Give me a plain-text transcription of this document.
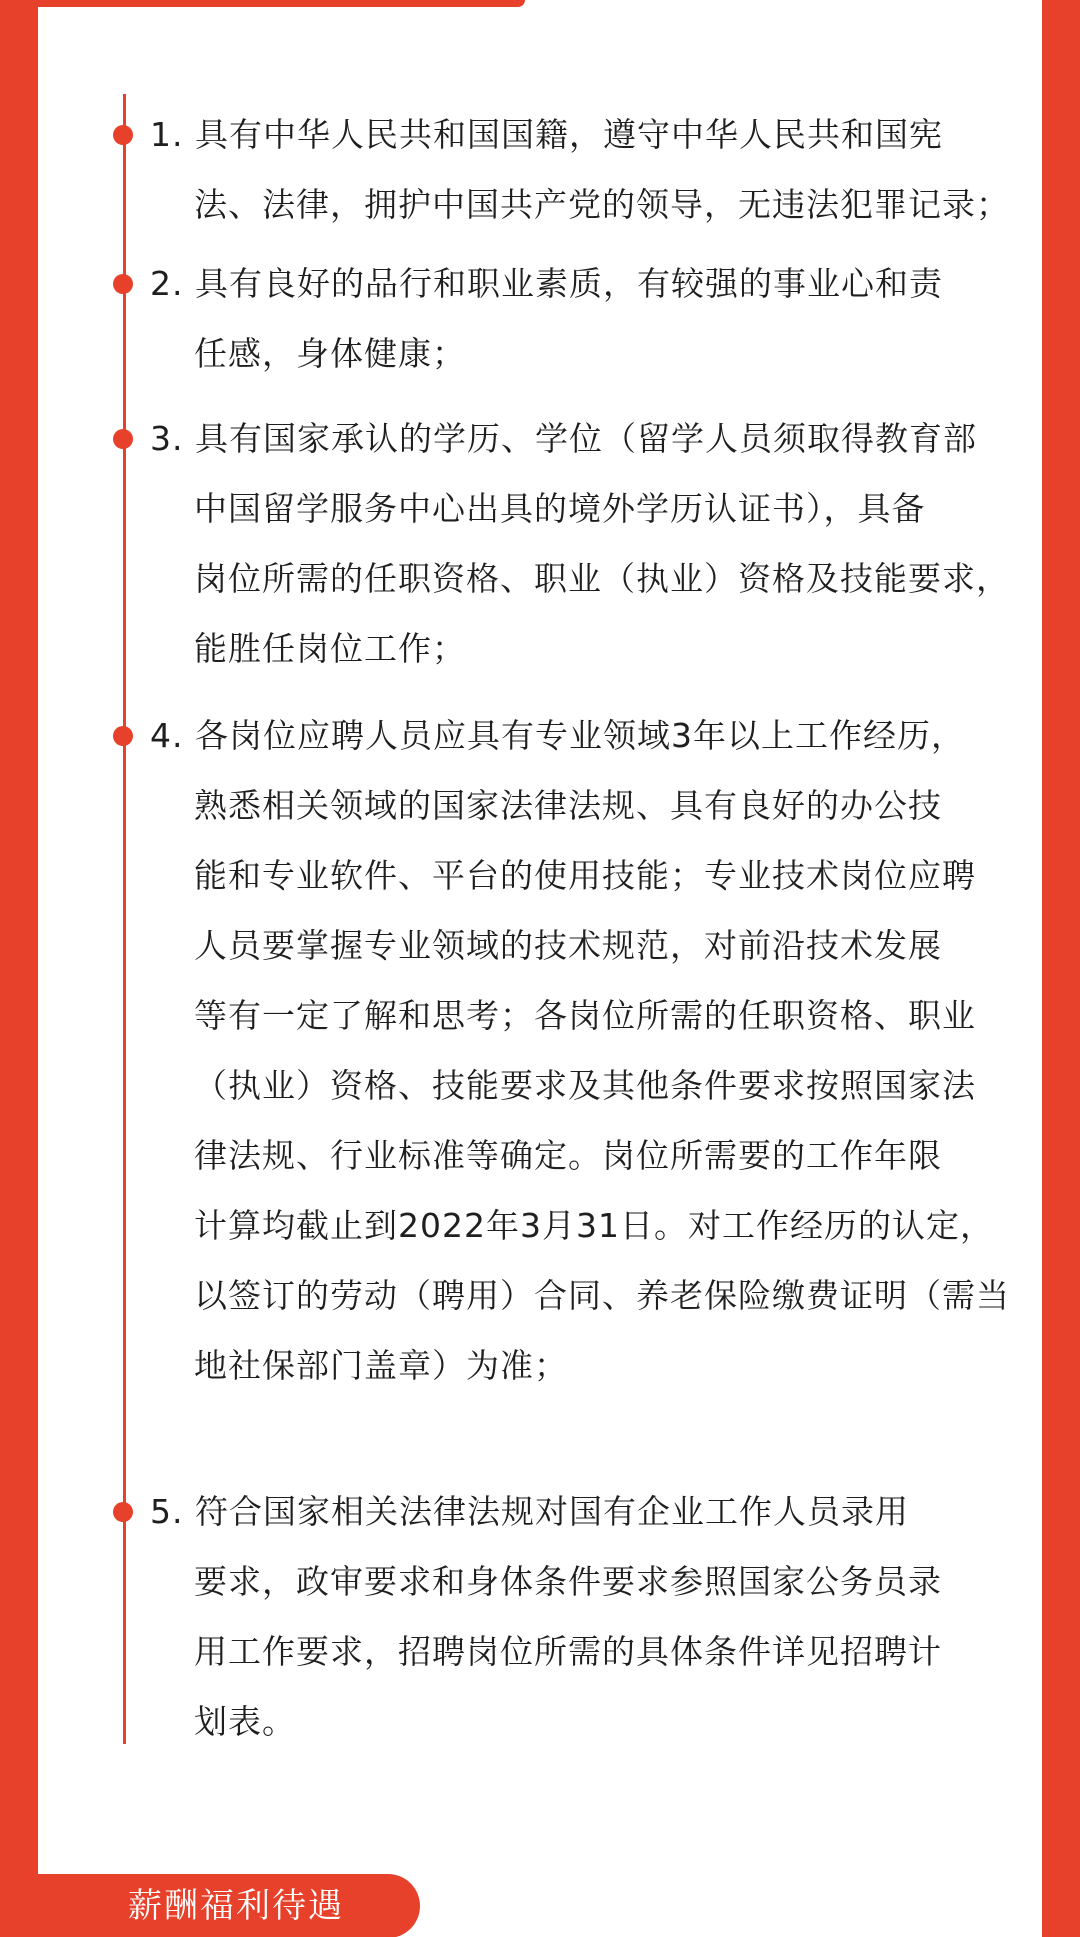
1. 具有中华人民共和国国籍，遵守中华人民共和国宪
法、法律，拥护中国共产党的领导，无违法犯罪记录；
2. 具有良好的品行和职业素质，有较强的事业心和责
任感，身体健康；
3. 具有国家承认的学历、学位（留学人员须取得教育部
中国留学服务中心出具的境外学历认证书），具备
岗位所需的任职资格、职业（执业）资格及技能要求，
能胜任岗位工作；
4. 各岗位应聘人员应具有专业领域3年以上工作经历，
熟悉相关领域的国家法律法规、具有良好的办公技
能和专业软件、平台的使用技能；专业技术岗位应聘
人员要掌握专业领域的技术规范，对前沿技术发展
等有一定了解和思考；各岗位所需的任职资格、职业
（执业）资格、技能要求及其他条件要求按照国家法
律法规、行业标准等确定。岗位所需要的工作年限
计算均截止到2022年3月31日。对工作经历的认定，
以签订的劳动（聘用）合同、养老保险缴费证明（需当
地社保部门盖章）为准；
5. 符合国家相关法律法规对国有企业工作人员录用
要求，政审要求和身体条件要求参照国家公务员录
用工作要求，招聘岗位所需的具体条件详见招聘计
划表。
薪酬福利待遇
